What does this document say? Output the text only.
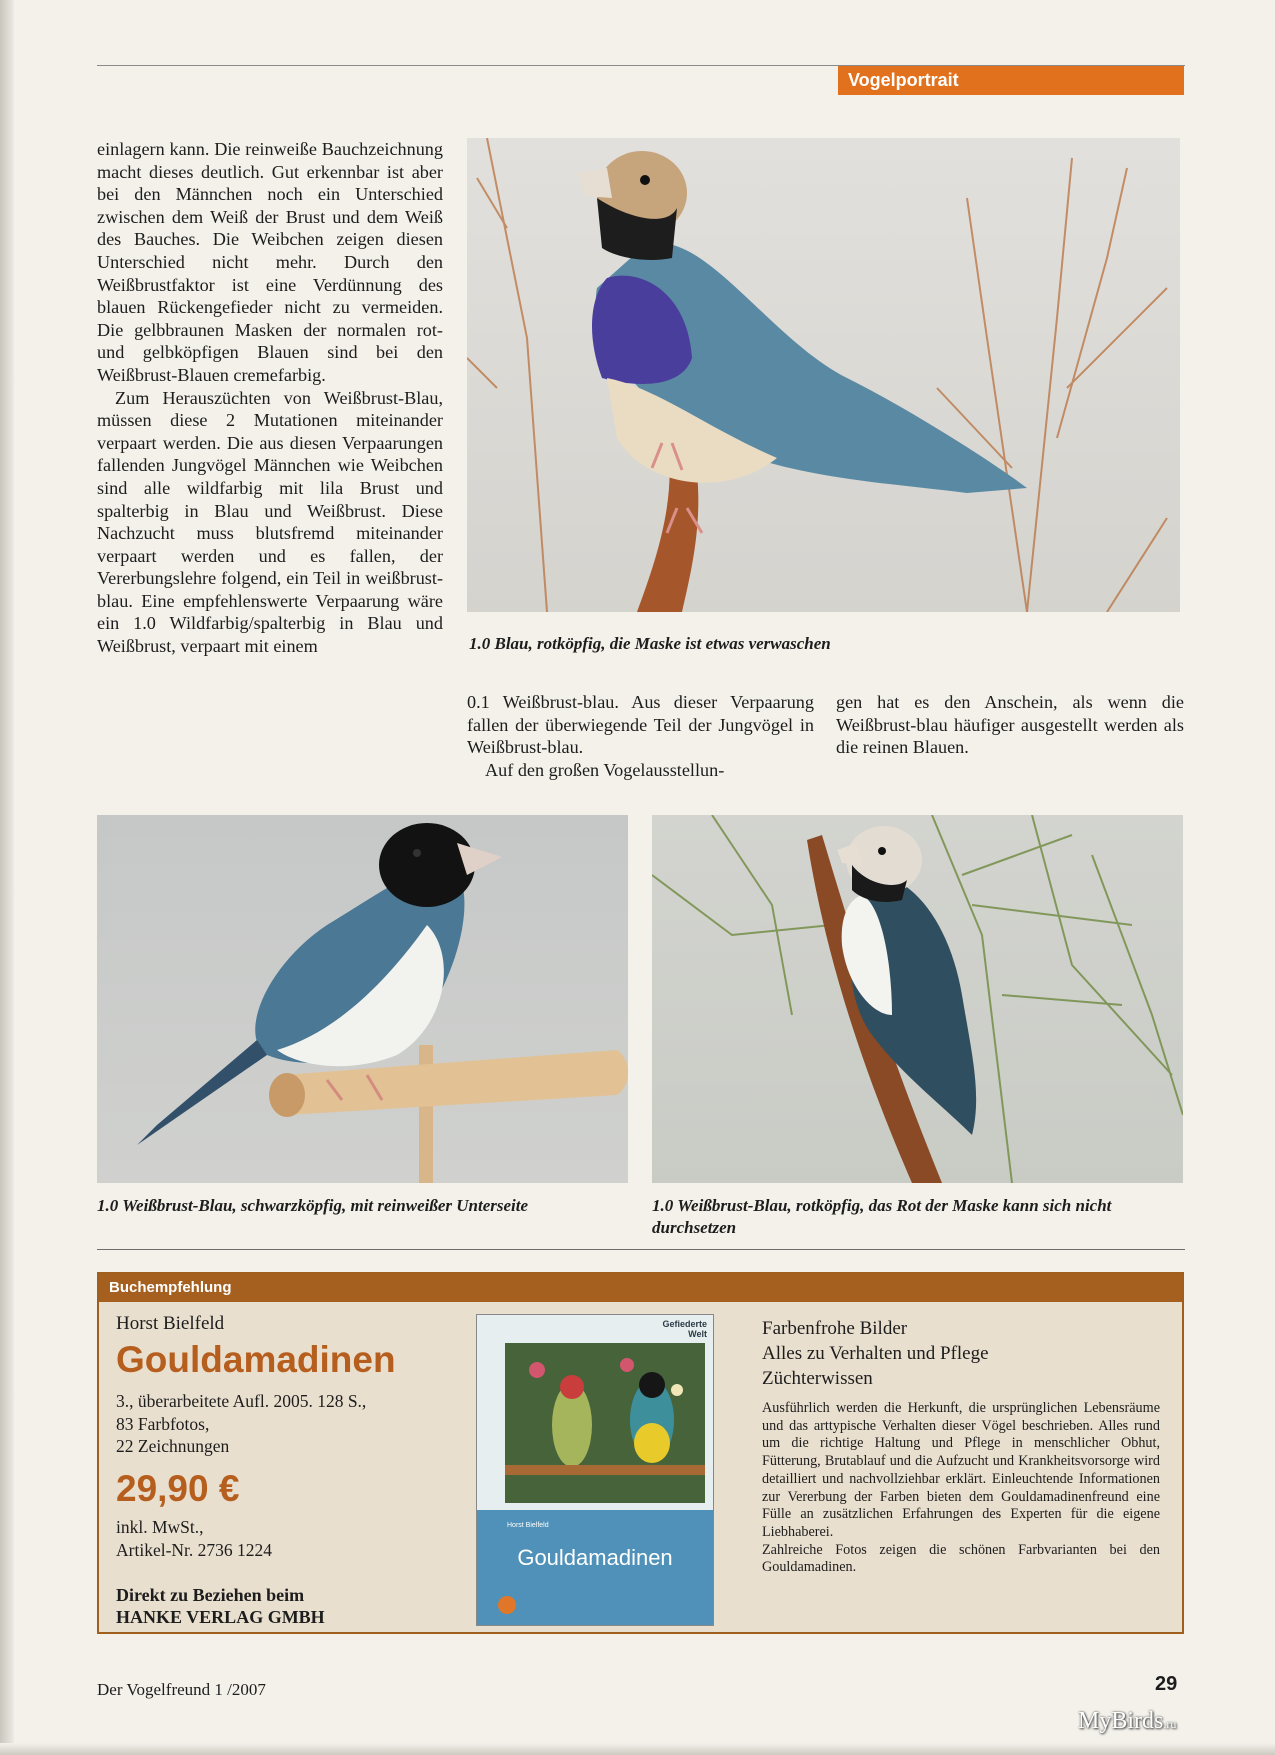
Vogelportrait

einlagern kann. Die reinweiße Bauchzeichnung macht dieses deutlich. Gut erkennbar ist aber bei den Männchen noch ein Unterschied zwischen dem Weiß der Brust und dem Weiß des Bauches. Die Weibchen zeigen diesen Unterschied nicht mehr. Durch den Weißbrustfaktor ist eine Verdünnung des blauen Rückengefieder nicht zu vermeiden. Die gelbbraunen Masken der normalen rot- und gelbköpfigen Blauen sind bei den Weißbrust-Blauen cremefarbig.

Zum Herauszüchten von Weißbrust-Blau, müssen diese 2 Mutationen miteinander verpaart werden. Die aus diesen Verpaarungen fallenden Jungvögel Männchen wie Weibchen sind alle wildfarbig mit lila Brust und spalterbig in Blau und Weißbrust. Diese Nachzucht muss blutsfremd miteinander verpaart werden und es fallen, der Vererbungslehre folgend, ein Teil in weißbrust-blau. Eine empfehlenswerte Verpaarung wäre ein 1.0 Wildfarbig/spalterbig in Blau und Weißbrust, verpaart mit einem	1.0 Blau, rotköpfig, die Maske ist etwas verwaschen

0.1 Weißbrust-blau. Aus dieser Verpaarung fallen der überwiegende Teil der Jungvögel in Weißbrust-blau.

Auf den großen Vogelausstellun-

gen hat es den Anschein, als wenn die Weißbrust-blau häufiger ausgestellt werden als die reinen Blauen.

1.0 Weißbrust-Blau, schwarzköpfig, mit reinweißer Unterseite	1.0 Weißbrust-Blau, rotköpfig, das Rot der Maske kann sich nicht durchsetzen
Buchempfehlung
Horst Bielfeld
Gouldamadinen
3., überarbeitete Aufl. 2005. 128 S.,
83 Farbfotos,
22 Zeichnungen
29,90 €
inkl. MwSt.,
Artikel-Nr. 2736 1224
Direkt zu Beziehen beim
HANKE VERLAG GMBH
Gefiederte
Welt
Horst Bielfeld
Gouldamadinen
Farbenfrohe Bilder
Alles zu Verhalten und Pflege
Züchterwissen

Ausführlich werden die Herkunft, die ursprünglichen Lebensräume und das arttypische Verhalten dieser Vögel beschrieben. Alles rund um die richtige Haltung und Pflege in menschlicher Obhut, Fütterung, Brutablauf und die Aufzucht und Krankheitsvorsorge wird detailliert und nachvollziehbar erklärt. Einleuchtende Informationen zur Vererbung der Farben bieten dem Gouldamadinenfreund eine Fülle an zusätzlichen Erfahrungen des Experten für die eigene Liebhaberei.

Zahlreiche Fotos zeigen die schönen Farbvarianten bei den Gouldamadinen.

Der Vogelfreund 1 /2007	29
MyBirds.ru
